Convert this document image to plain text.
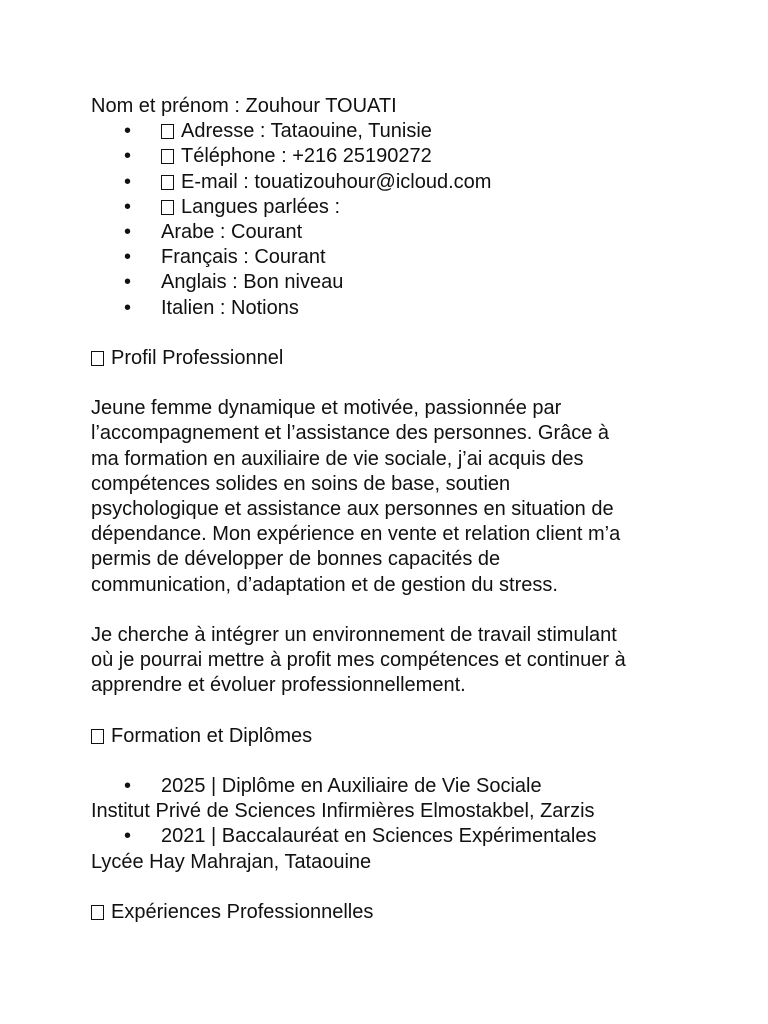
Nom et prénom : Zouhour TOUATI
•	Adresse : Tataouine, Tunisie
•	Téléphone : +216 25190272
•	E-mail : touatizouhour@icloud.com
•	Langues parlées :
• Arabe : Courant
• Français : Courant
• Anglais : Bon niveau
• Italien : Notions
Profil Professionnel
Jeune femme dynamique et motivée, passionnée par
l’accompagnement et l’assistance des personnes. Grâce à
ma formation en auxiliaire de vie sociale, j’ai acquis des
compétences solides en soins de base, soutien
psychologique et assistance aux personnes en situation de
dépendance. Mon expérience en vente et relation client m’a
permis de développer de bonnes capacités de
communication, d’adaptation et de gestion du stress.
Je cherche à intégrer un environnement de travail stimulant
où je pourrai mettre à profit mes compétences et continuer à
apprendre et évoluer professionnellement.
Formation et Diplômes
• 2025 | Diplôme en Auxiliaire de Vie Sociale
Institut Privé de Sciences Infirmières Elmostakbel, Zarzis
• 2021 | Baccalauréat en Sciences Expérimentales
Lycée Hay Mahrajan, Tataouine
Expériences Professionnelles
